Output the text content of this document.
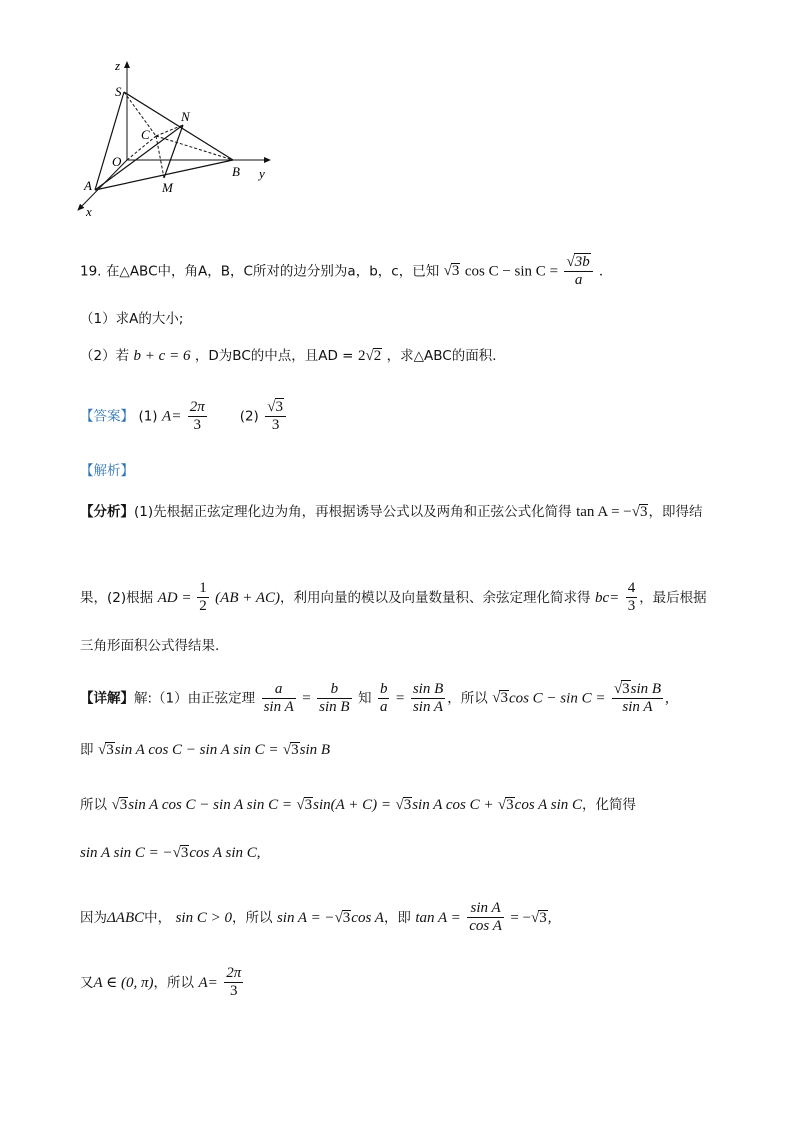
z
S
N
C
O
B y
A	M
x
19. 在△ABC中，角A，B，C所对的边分别为a，b，c，已知 √3 $\cos C - \sin C = \frac{√3b}{a}$ .
（1）求A的大小;
（2）若 b + c = 6 ，D为BC的中点，且AD = 2√2 ，求△ABC的面积.
【答案】 (1) $A= \frac{2\pi}{3} (2) \frac{√3}{3}$
【解析】
【分析】(1)先根据正弦定理化边为角，再根据诱导公式以及两角和正弦公式化简得 tan A = −√3，即得结
果，(2)根据 AD = $\frac{1}{2} (AB + AC)$，利用向量的模以及向量数量积、余弦定理化简求得 $bc= \frac{4}{3}$ ，最后根据
三角形面积公式得结果.
【详解】解:（1）由正弦定理 $\frac{a}{\text{sin A}} = \frac{b}{\text{sin B}}$ 知 $\frac{b}{a} = \frac{\text{sin B}}{\text{sin A}}$ ，所以 √3cos $C - \sin C = \frac{\text{√3sin B}}{\text{sin A}}$ ,
即 √3sin A cos C − sin A sin C = √3sin B
所以 √3sin A cos C − sin A sin C = √3sin(A + C) = √3sin A cos C + √3cos A sin C，化简得
sin A sin C = −√3cos A sin C,
因为ΔABC中， sin C > 0，所以 sin A = −√3cos A，即 $\tan A = \frac{\text{sin A}}{\text{cos A}} = -√3$,
又A ∈ (0, π)，所以 $A= \frac{2\pi}{3}$
